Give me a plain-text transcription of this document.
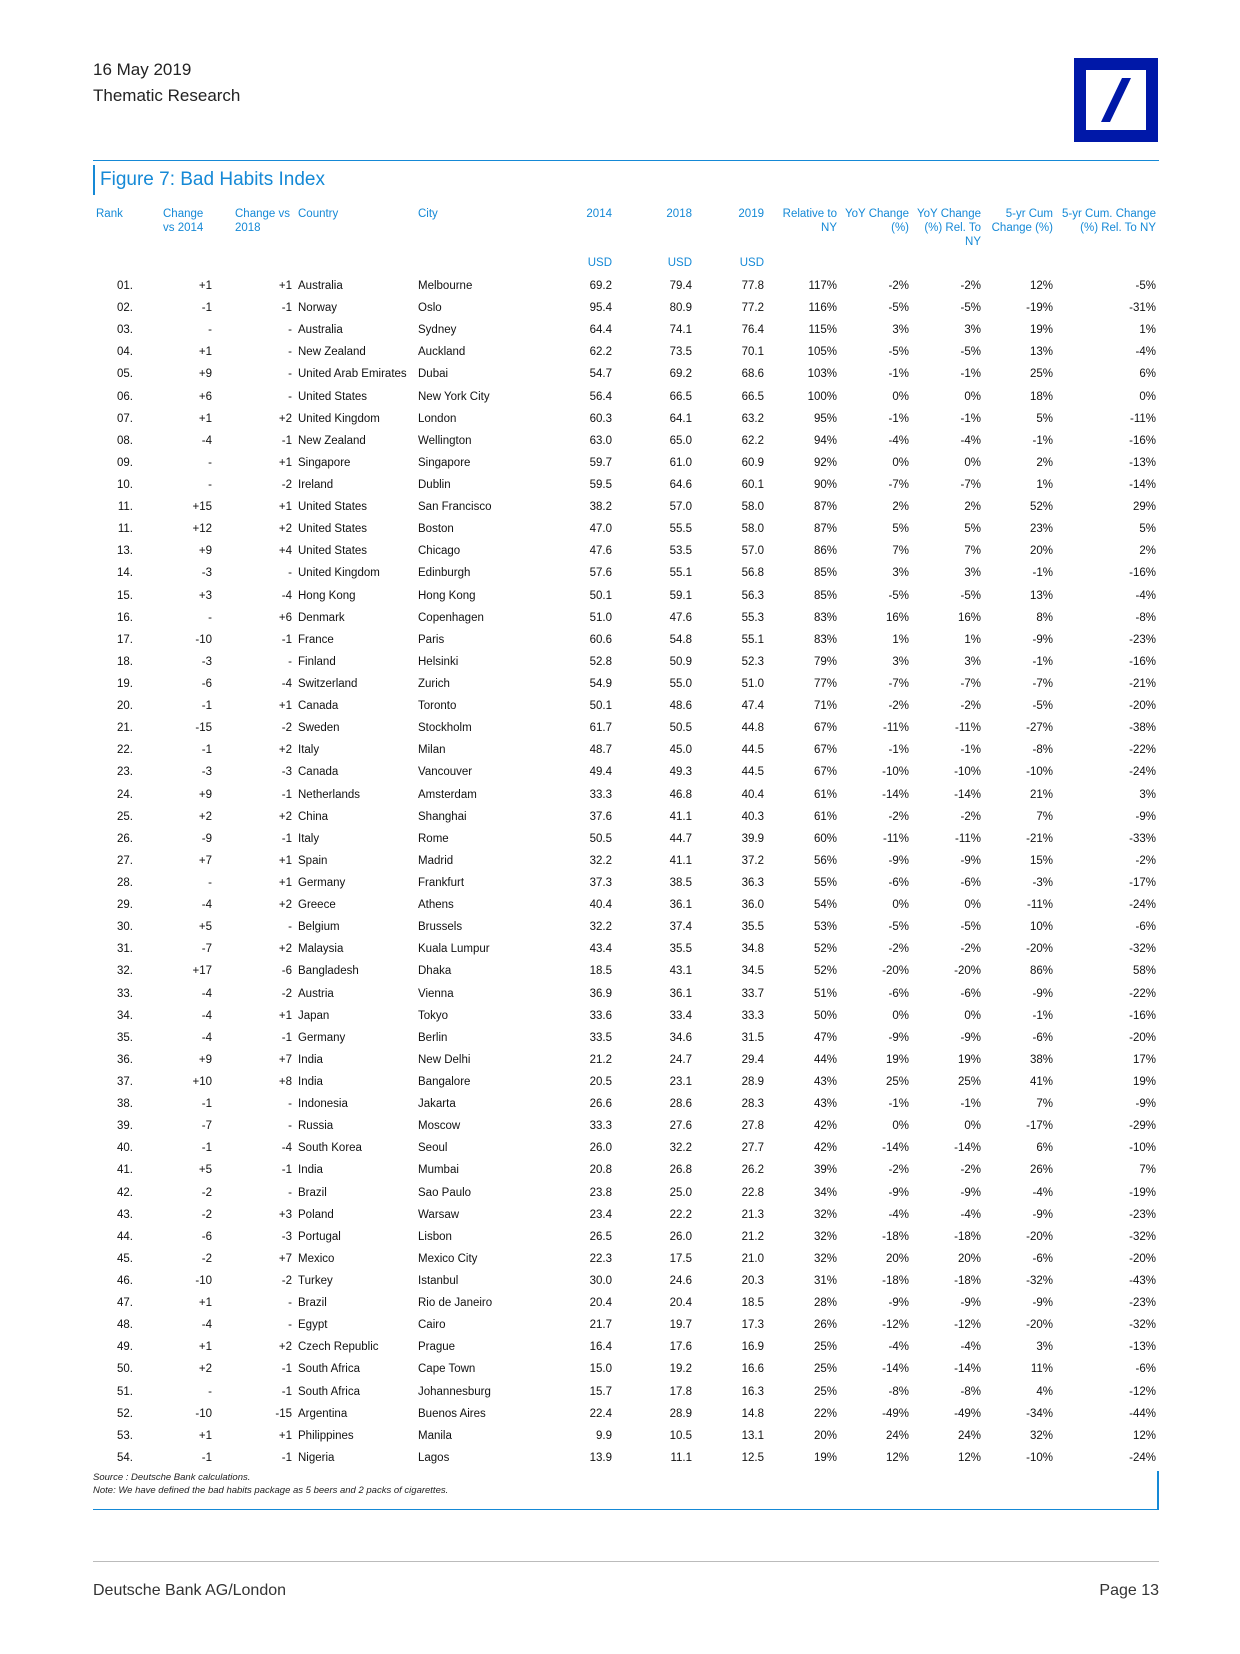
16 May 2019
Thematic Research
Figure 7: Bad Habits Index
Rank	Change vs 2014	Change vs 2018	Country	City	2014	2018	2019	Relative to NY	YoY Change (%)	YoY Change (%) Rel. To NY	5-yr Cum Change (%)	5-yr Cum. Change (%) Rel. To NY
					USD	USD	USD					
01.	+1	+1	Australia	Melbourne	69.2	79.4	77.8	117%	-2%	-2%	12%	-5%
02.	-1	-1	Norway	Oslo	95.4	80.9	77.2	116%	-5%	-5%	-19%	-31%
03.	-	-	Australia	Sydney	64.4	74.1	76.4	115%	3%	3%	19%	1%
04.	+1	-	New Zealand	Auckland	62.2	73.5	70.1	105%	-5%	-5%	13%	-4%
05.	+9	-	United Arab Emirates	Dubai	54.7	69.2	68.6	103%	-1%	-1%	25%	6%
06.	+6	-	United States	New York City	56.4	66.5	66.5	100%	0%	0%	18%	0%
07.	+1	+2	United Kingdom	London	60.3	64.1	63.2	95%	-1%	-1%	5%	-11%
08.	-4	-1	New Zealand	Wellington	63.0	65.0	62.2	94%	-4%	-4%	-1%	-16%
09.	-	+1	Singapore	Singapore	59.7	61.0	60.9	92%	0%	0%	2%	-13%
10.	-	-2	Ireland	Dublin	59.5	64.6	60.1	90%	-7%	-7%	1%	-14%
11.	+15	+1	United States	San Francisco	38.2	57.0	58.0	87%	2%	2%	52%	29%
11.	+12	+2	United States	Boston	47.0	55.5	58.0	87%	5%	5%	23%	5%
13.	+9	+4	United States	Chicago	47.6	53.5	57.0	86%	7%	7%	20%	2%
14.	-3	-	United Kingdom	Edinburgh	57.6	55.1	56.8	85%	3%	3%	-1%	-16%
15.	+3	-4	Hong Kong	Hong Kong	50.1	59.1	56.3	85%	-5%	-5%	13%	-4%
16.	-	+6	Denmark	Copenhagen	51.0	47.6	55.3	83%	16%	16%	8%	-8%
17.	-10	-1	France	Paris	60.6	54.8	55.1	83%	1%	1%	-9%	-23%
18.	-3	-	Finland	Helsinki	52.8	50.9	52.3	79%	3%	3%	-1%	-16%
19.	-6	-4	Switzerland	Zurich	54.9	55.0	51.0	77%	-7%	-7%	-7%	-21%
20.	-1	+1	Canada	Toronto	50.1	48.6	47.4	71%	-2%	-2%	-5%	-20%
21.	-15	-2	Sweden	Stockholm	61.7	50.5	44.8	67%	-11%	-11%	-27%	-38%
22.	-1	+2	Italy	Milan	48.7	45.0	44.5	67%	-1%	-1%	-8%	-22%
23.	-3	-3	Canada	Vancouver	49.4	49.3	44.5	67%	-10%	-10%	-10%	-24%
24.	+9	-1	Netherlands	Amsterdam	33.3	46.8	40.4	61%	-14%	-14%	21%	3%
25.	+2	+2	China	Shanghai	37.6	41.1	40.3	61%	-2%	-2%	7%	-9%
26.	-9	-1	Italy	Rome	50.5	44.7	39.9	60%	-11%	-11%	-21%	-33%
27.	+7	+1	Spain	Madrid	32.2	41.1	37.2	56%	-9%	-9%	15%	-2%
28.	-	+1	Germany	Frankfurt	37.3	38.5	36.3	55%	-6%	-6%	-3%	-17%
29.	-4	+2	Greece	Athens	40.4	36.1	36.0	54%	0%	0%	-11%	-24%
30.	+5	-	Belgium	Brussels	32.2	37.4	35.5	53%	-5%	-5%	10%	-6%
31.	-7	+2	Malaysia	Kuala Lumpur	43.4	35.5	34.8	52%	-2%	-2%	-20%	-32%
32.	+17	-6	Bangladesh	Dhaka	18.5	43.1	34.5	52%	-20%	-20%	86%	58%
33.	-4	-2	Austria	Vienna	36.9	36.1	33.7	51%	-6%	-6%	-9%	-22%
34.	-4	+1	Japan	Tokyo	33.6	33.4	33.3	50%	0%	0%	-1%	-16%
35.	-4	-1	Germany	Berlin	33.5	34.6	31.5	47%	-9%	-9%	-6%	-20%
36.	+9	+7	India	New Delhi	21.2	24.7	29.4	44%	19%	19%	38%	17%
37.	+10	+8	India	Bangalore	20.5	23.1	28.9	43%	25%	25%	41%	19%
38.	-1	-	Indonesia	Jakarta	26.6	28.6	28.3	43%	-1%	-1%	7%	-9%
39.	-7	-	Russia	Moscow	33.3	27.6	27.8	42%	0%	0%	-17%	-29%
40.	-1	-4	South Korea	Seoul	26.0	32.2	27.7	42%	-14%	-14%	6%	-10%
41.	+5	-1	India	Mumbai	20.8	26.8	26.2	39%	-2%	-2%	26%	7%
42.	-2	-	Brazil	Sao Paulo	23.8	25.0	22.8	34%	-9%	-9%	-4%	-19%
43.	-2	+3	Poland	Warsaw	23.4	22.2	21.3	32%	-4%	-4%	-9%	-23%
44.	-6	-3	Portugal	Lisbon	26.5	26.0	21.2	32%	-18%	-18%	-20%	-32%
45.	-2	+7	Mexico	Mexico City	22.3	17.5	21.0	32%	20%	20%	-6%	-20%
46.	-10	-2	Turkey	Istanbul	30.0	24.6	20.3	31%	-18%	-18%	-32%	-43%
47.	+1	-	Brazil	Rio de Janeiro	20.4	20.4	18.5	28%	-9%	-9%	-9%	-23%
48.	-4	-	Egypt	Cairo	21.7	19.7	17.3	26%	-12%	-12%	-20%	-32%
49.	+1	+2	Czech Republic	Prague	16.4	17.6	16.9	25%	-4%	-4%	3%	-13%
50.	+2	-1	South Africa	Cape Town	15.0	19.2	16.6	25%	-14%	-14%	11%	-6%
51.	-	-1	South Africa	Johannesburg	15.7	17.8	16.3	25%	-8%	-8%	4%	-12%
52.	-10	-15	Argentina	Buenos Aires	22.4	28.9	14.8	22%	-49%	-49%	-34%	-44%
53.	+1	+1	Philippines	Manila	9.9	10.5	13.1	20%	24%	24%	32%	12%
54.	-1	-1	Nigeria	Lagos	13.9	11.1	12.5	19%	12%	12%	-10%	-24%
Source : Deutsche Bank calculations.
Note: We have defined the bad habits package as 5 beers and 2 packs of cigarettes.
Deutsche Bank AG/London	Page 13
